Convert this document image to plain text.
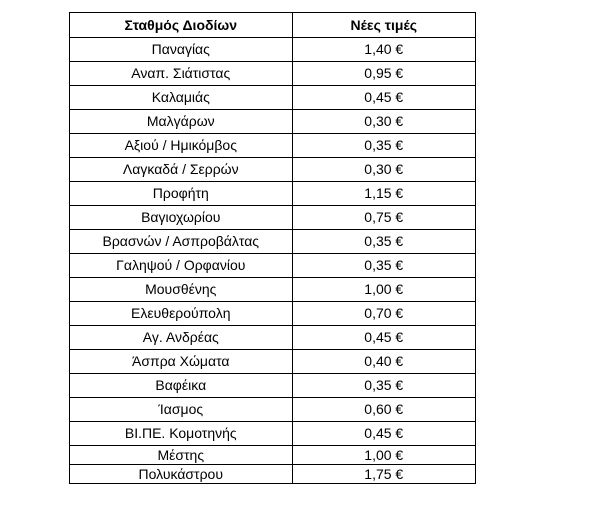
Σταθμός Διοδίων	Νέες τιμές
Παναγίας	1,40 €
Αναπ. Σιάτιστας	0,95 €
Καλαμιάς	0,45 €
Μαλγάρων	0,30 €
Αξιού / Ημικόμβος	0,35 €
Λαγκαδά / Σερρών	0,30 €
Προφήτη	1,15 €
Βαγιοχωρίου	0,75 €
Βρασνών / Ασπροβάλτας	0,35 €
Γαληψού / Ορφανίου	0,35 €
Μουσθένης	1,00 €
Ελευθερούπολη	0,70 €
Αγ. Ανδρέας	0,45 €
Άσπρα Χώματα	0,40 €
Βαφέικα	0,35 €
Ίασμος	0,60 €
ΒΙ.ΠΕ. Κομοτηνής	0,45 €
Μέστης	1,00 €
Πολυκάστρου	1,75 €
